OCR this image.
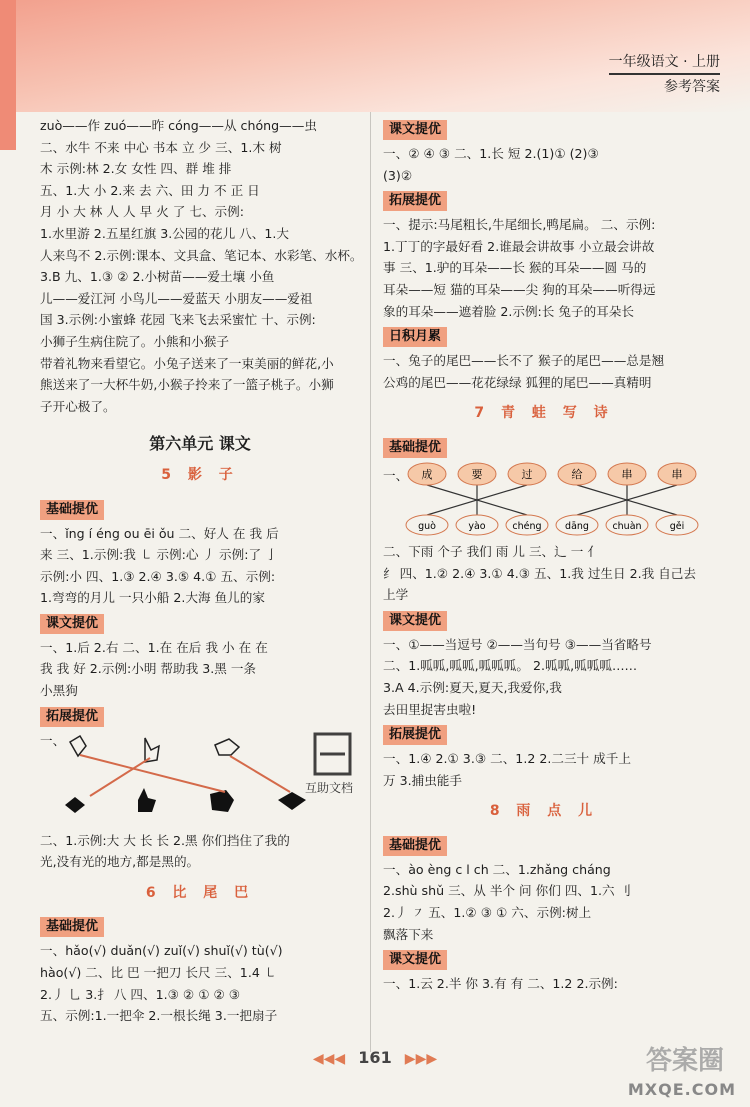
一年级语文 · 上册
参考答案
zuò——作 zuó——昨 cóng——从 chóng——虫
二、水牛 不来 中心 书本 立 少 三、1.木 树
木 示例:林 2.女 女性 四、群 堆 排
五、1.大 小 2.来 去 六、田 力 不 正 日
月 小 大 林 人 人 早 火 了 七、示例:
1.水里游 2.五星红旗 3.公园的花儿 八、1.大
人来鸟不 2.示例:课本、文具盒、笔记本、水彩笔、水杯。
3.B 九、1.③ ② 2.小树苗——爱土壤 小鱼
儿——爱江河 小鸟儿——爱蓝天 小朋友——爱祖
国 3.示例:小蜜蜂 花园 飞来飞去采蜜忙 十、示例:
小狮子生病住院了。小熊和小猴子
带着礼物来看望它。小兔子送来了一束美丽的鲜花,小
熊送来了一大杯牛奶,小猴子拎来了一篮子桃子。小狮
子开心极了。
第六单元 课文
5 影 子
基础提优
一、ǐng í éng ou ēi ǒu 二、好人 在 我 后
来 三、1.示例:我 ㇄ 示例:心 丿 示例:了 亅
示例:小 四、1.③ 2.④ 3.⑤ 4.① 五、示例:
1.弯弯的月儿 一只小船 2.大海 鱼儿的家
课文提优
一、1.后 2.右 二、1.在 在后 我 小 在 在
我 我 好 2.示例:小明 帮助我 3.黑 一条
小黑狗
拓展提优
一、
互助文档
二、1.示例:大 大 长 长 2.黑 你们挡住了我的
光,没有光的地方,都是黑的。
6 比 尾 巴
基础提优
一、hǎo(√) duǎn(√) zuǐ(√) shuǐ(√) tù(√)
hào(√) 二、比 巴 一把刀 长尺 三、1.4 ㇄
2.丿 乚 3.扌 八 四、1.③ ② ① ② ③
五、示例:1.一把伞 2.一根长绳 3.一把扇子
课文提优
一、② ④ ③ 二、1.长 短 2.(1)① (2)③
(3)②
拓展提优
一、提示:马尾粗长,牛尾细长,鸭尾扁。 二、示例:
1.丁丁的字最好看 2.谁最会讲故事 小立最会讲故
事 三、1.驴的耳朵——长 猴的耳朵——圆 马的
耳朵——短 猫的耳朵——尖 狗的耳朵——听得远
象的耳朵——遮着脸 2.示例:长 兔子的耳朵长
日积月累
一、兔子的尾巴——长不了 猴子的尾巴——总是翘
公鸡的尾巴——花花绿绿 狐狸的尾巴——真精明
7 青 蛙 写 诗
基础提优
一、 成
guò
要
yào
过
chéng
给
dāng
串
chuàn
串
gěi
二、下雨 个子 我们 雨 儿 三、辶 一 亻
纟 四、1.② 2.④ 3.① 4.③ 五、1.我 过生日 2.我 自己去
上学
课文提优
一、①——当逗号 ②——当句号 ③——当省略号
二、1.呱呱,呱呱,呱呱呱。 2.呱呱,呱呱呱……
3.A 4.示例:夏天,夏天,我爱你,我
去田里捉害虫啦!
拓展提优
一、1.④ 2.① 3.③ 二、1.2 2.二三十 成千上
万 3.捕虫能手
8 雨 点 儿
基础提优
一、ào èng c l ch 二、1.zhǎng cháng
2.shù shǔ 三、从 半个 问 你们 四、1.六 刂
2.丿 ㇇ 五、1.② ③ ① 六、示例:树上
飘落下来
课文提优
一、1.云 2.半 你 3.有 有 二、1.2 2.示例:
◀◀◀ 161 ▶▶▶	答案圈
MXQE.COM
